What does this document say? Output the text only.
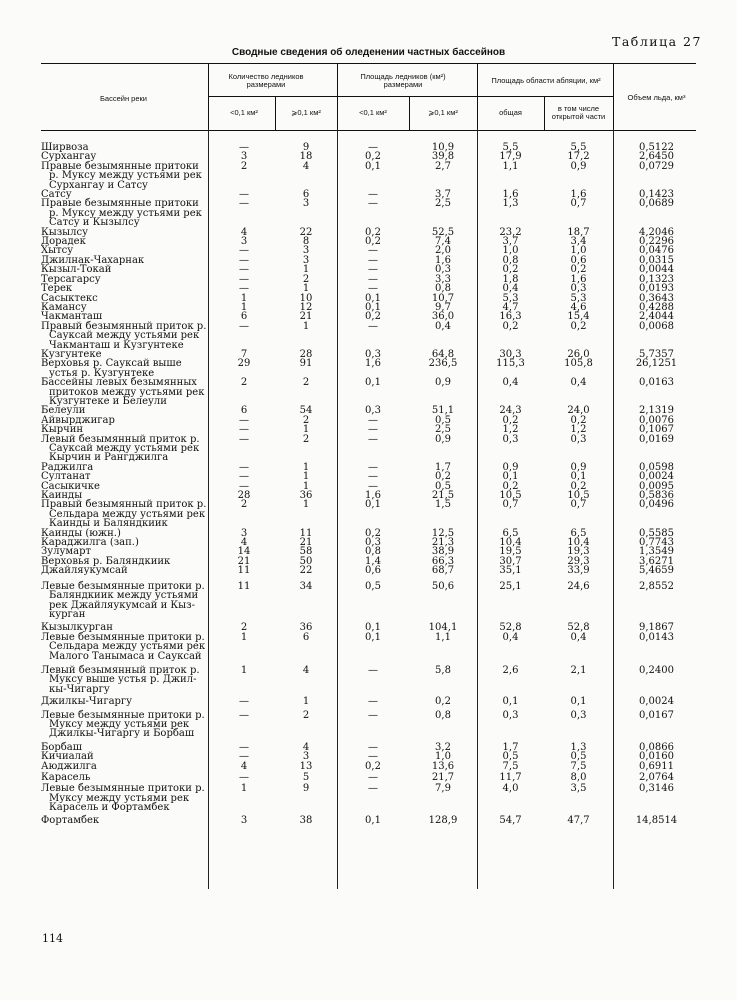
Таблица 27
Сводные сведения об оледенении частных бассейнов
Бассейн реки
Количество ледников размерами
Площадь ледников (км²) размерами	Площадь области абляции, км²
Объем льда, км³
<0,1 км²	⩾0,1 км²	<0,1 км²	⩾0,1 км²	общая	в том числе открытой части
Ширвоза	—	9	—	10,9	5,5	5,5	0,5122
Сурхангау	3	18	0,2	39,8	17,9	17,2	2,6450
Правые безымянные притоки
р. Муксу между устьями рек
Сурхангау и Сатсу
2	4	0,1	2,7	1,1	0,9	0,0729
Сатсу	—	6	—	3,7	1,6	1,6	0,1423
Правые безымянные притоки
р. Муксу между устьями рек
Сатсу и Кызылсу
—	3	—	2,5	1,3	0,7	0,0689
Кызылсу	4	22	0,2	52,5	23,2	18,7	4,2046
Дорадек	3	8	0,2	7,4	3,7	3,4	0,2296
Хытсу	—	3	—	2,0	1,0	1,0	0,0476
Джилнак-Чахарнак	—	3	—	1,6	0,8	0,6	0,0315
Кызыл-Токай	—	1	—	0,3	0,2	0,2	0,0044
Терсагарсу	—	2	—	3,3	1,8	1,6	0,1323
Терек	—	1	—	0,8	0,4	0,3	0,0193
Сасыктекс	1	10	0,1	10,7	5,3	5,3	0,3643
Камансу	1	12	0,1	9,7	4,7	4,6	0,4288
Чакманташ	6	21	0,2	36,0	16,3	15,4	2,4044
Правый безымянный приток р.
Сауксай между устьями рек
Чакманташ и Кузгунтеке
—	1	—	0,4	0,2	0,2	0,0068
Кузгунтеке	7	28	0,3	64,8	30,3	26,0	5,7357
Верховья р. Сауксай выше
устья р. Кузгунтеке
29	91	1,6	236,5	115,3	105,8	26,1251
Бассейны левых безымянных
притоков между устьями рек
Кузгунтеке и Белеули
2	2	0,1	0,9	0,4	0,4	0,0163
Белеули	6	54	0,3	51,1	24,3	24,0	2,1319
Айвырджигар	—	2	—	0,5	0,2	0,2	0,0076
Кырчин	—	1	—	2,5	1,2	1,2	0,1067
Левый безымянный приток р.
Сауксай между устьями рек
Кырчин и Рангджилга
—	2	—	0,9	0,3	0,3	0,0169
Раджилга	—	1	—	1,7	0,9	0,9	0,0598
Султанат	—	1	—	0,2	0,1	0,1	0,0024
Сасыкичке	—	1	—	0,5	0,2	0,2	0,0095
Каинды	28	36	1,6	21,5	10,5	10,5	0,5836
Правый безымянный приток р.
Сельдара между устьями рек
Каинды и Баляндкиик
2	1	0,1	1,5	0,7	0,7	0,0496
Каинды (южн.)	3	11	0,2	12,5	6,5	6,5	0,5585
Караджилга (зап.)	4	21	0,3	21,3	10,4	10,4	0,7743
Зулумарт	14	58	0,8	38,9	19,5	19,3	1,3549
Верховья р. Баляндкиик	21	50	1,4	66,3	30,7	29,3	3,6271
Джайляукумсай	11	22	0,6	68,7	35,1	33,9	5,4659
Левые безымянные притоки р.
Баляндкиик между устьями
рек Джайляукумсай и Кыз-
курган
11	34	0,5	50,6	25,1	24,6	2,8552
Кызылкурган	2	36	0,1	104,1	52,8	52,8	9,1867
Левые безымянные притоки р.
Сельдара между устьями рек
Малого Танымаса и Сауксай
1	6	0,1	1,1	0,4	0,4	0,0143
Левый безымянный приток р.
Муксу выше устья р. Джил-
кы-Чигаргу
1	4	—	5,8	2,6	2,1	0,2400
Джилкы-Чигаргу	—	1	—	0,2	0,1	0,1	0,0024
Левые безымянные притоки р.
Муксу между устьями рек
Джилкы-Чигаргу и Борбаш
—	2	—	0,8	0,3	0,3	0,0167
Борбаш	—	4	—	3,2	1,7	1,3	0,0866
Кичиалай	—	3	—	1,0	0,5	0,5	0,0160
Аюджилга	4	13	0,2	13,6	7,5	7,5	0,6911
Карасель	—	5	—	21,7	11,7	8,0	2,0764
Левые безымянные притоки р.
Муксу между устьями рек
Карасель и Фортамбек
1	9	—	7,9	4,0	3,5	0,3146
Фортамбек	3	38	0,1	128,9	54,7	47,7	14,8514
114
